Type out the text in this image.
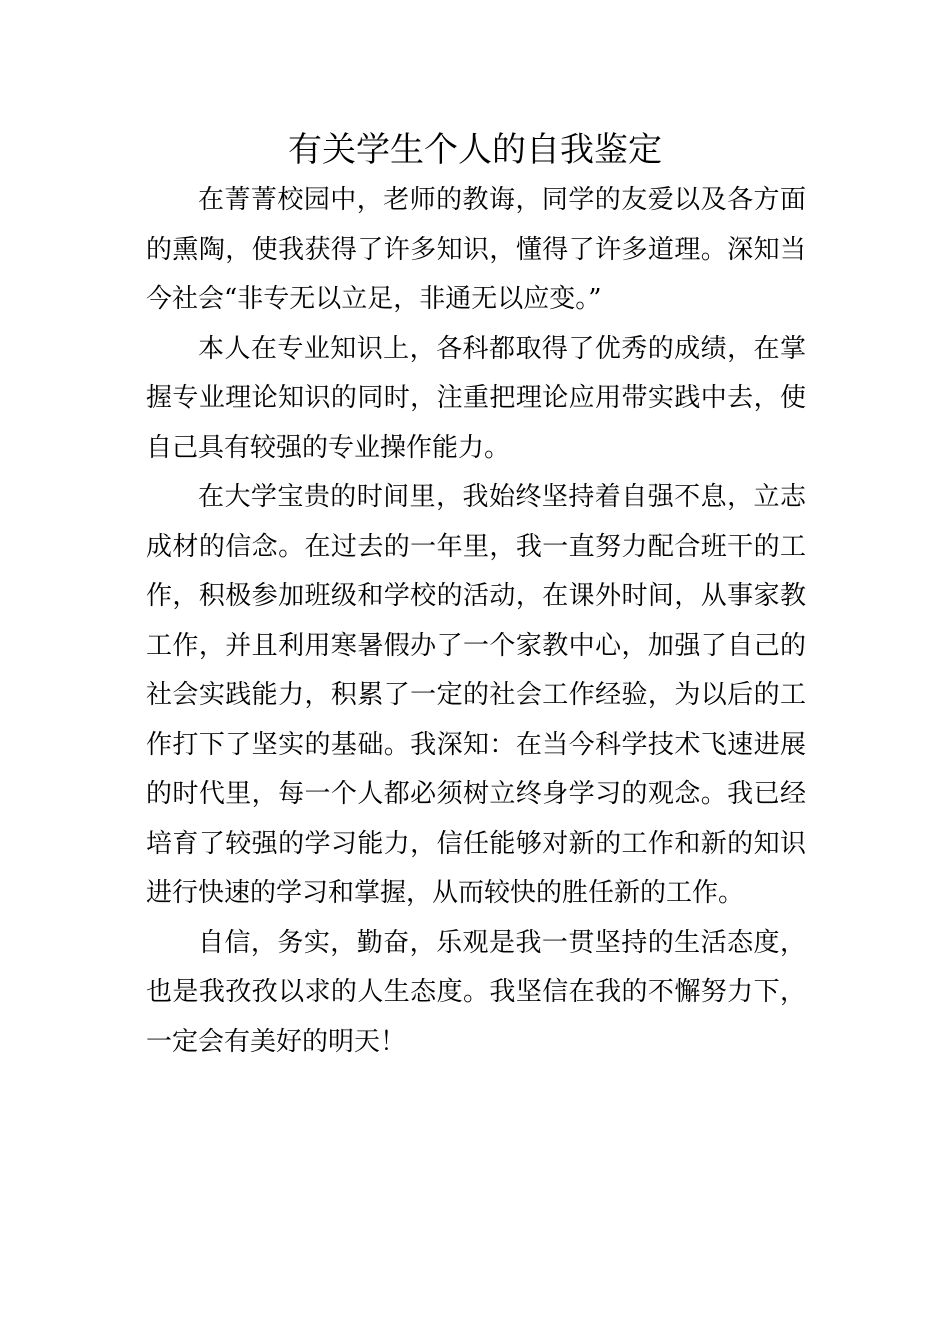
有关学生个人的自我鉴定

在菁菁校园中，老师的教诲，同学的友爱以及各方面的熏陶，使我获得了许多知识，懂得了许多道理。深知当今社会“非专无以立足，非通无以应变。”

本人在专业知识上，各科都取得了优秀的成绩，在掌握专业理论知识的同时，注重把理论应用带实践中去，使自己具有较强的专业操作能力。

在大学宝贵的时间里，我始终坚持着自强不息，立志成材的信念。在过去的一年里，我一直努力配合班干的工作，积极参加班级和学校的活动，在课外时间，从事家教工作，并且利用寒暑假办了一个家教中心，加强了自己的社会实践能力，积累了一定的社会工作经验，为以后的工作打下了坚实的基础。我深知：在当今科学技术飞速进展的时代里，每一个人都必须树立终身学习的观念。我已经培育了较强的学习能力，信任能够对新的工作和新的知识进行快速的学习和掌握，从而较快的胜任新的工作。

自信，务实，勤奋，乐观是我一贯坚持的生活态度，也是我孜孜以求的人生态度。我坚信在我的不懈努力下，一定会有美好的明天！
